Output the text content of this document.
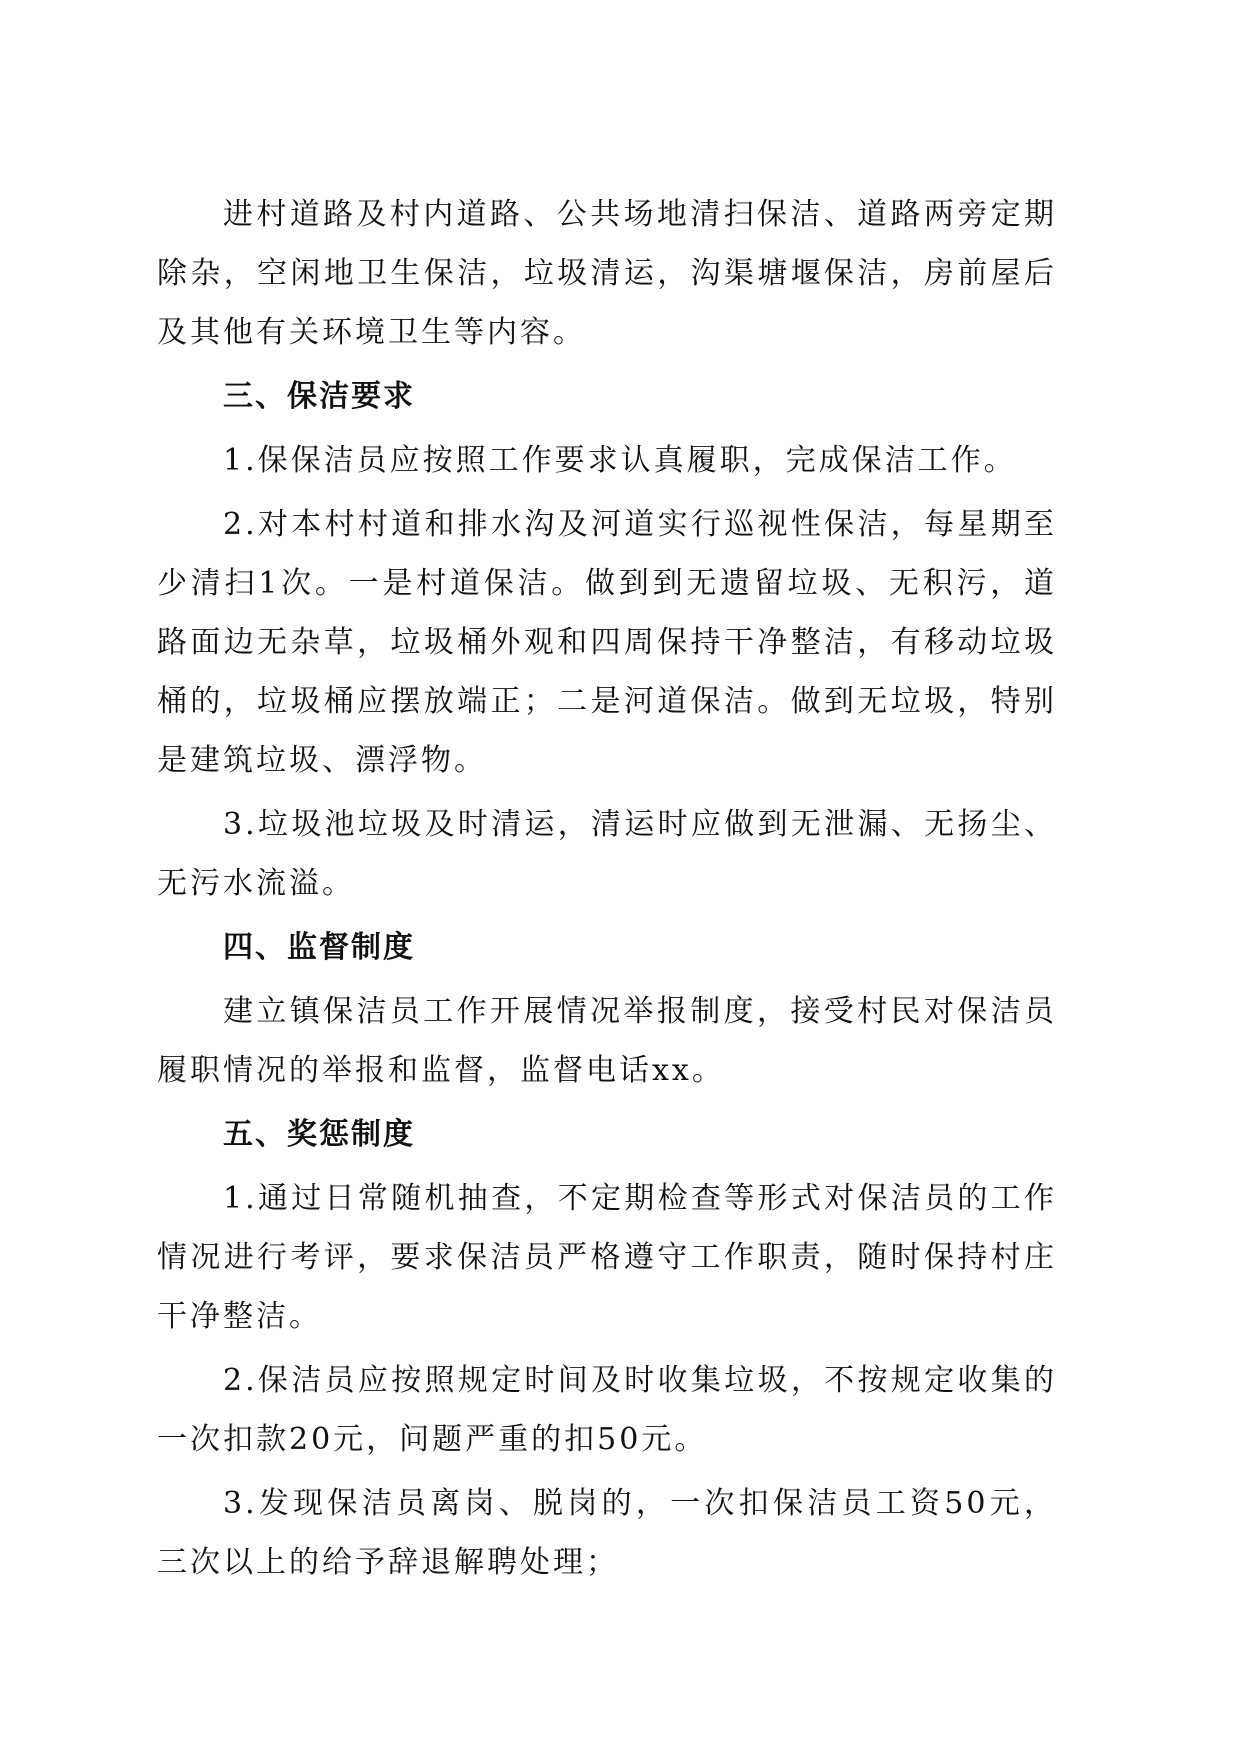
进村道路及村内道路、公共场地清扫保洁、道路两旁定期除杂，空闲地卫生保洁，垃圾清运，沟渠塘堰保洁，房前屋后及其他有关环境卫生等内容。

三、保洁要求

1.保保洁员应按照工作要求认真履职，完成保洁工作。

2.对本村村道和排水沟及河道实行巡视性保洁，每星期至少清扫1次。一是村道保洁。做到到无遗留垃圾、无积污，道路面边无杂草，垃圾桶外观和四周保持干净整洁，有移动垃圾桶的，垃圾桶应摆放端正；二是河道保洁。做到无垃圾，特别是建筑垃圾、漂浮物。

3.垃圾池垃圾及时清运，清运时应做到无泄漏、无扬尘、无污水流溢。

四、监督制度

建立镇保洁员工作开展情况举报制度，接受村民对保洁员履职情况的举报和监督，监督电话xx。

五、奖惩制度

1.通过日常随机抽查，不定期检查等形式对保洁员的工作情况进行考评，要求保洁员严格遵守工作职责，随时保持村庄干净整洁。

2.保洁员应按照规定时间及时收集垃圾，不按规定收集的一次扣款20元，问题严重的扣50元。

3.发现保洁员离岗、脱岗的，一次扣保洁员工资50元，三次以上的给予辞退解聘处理；
